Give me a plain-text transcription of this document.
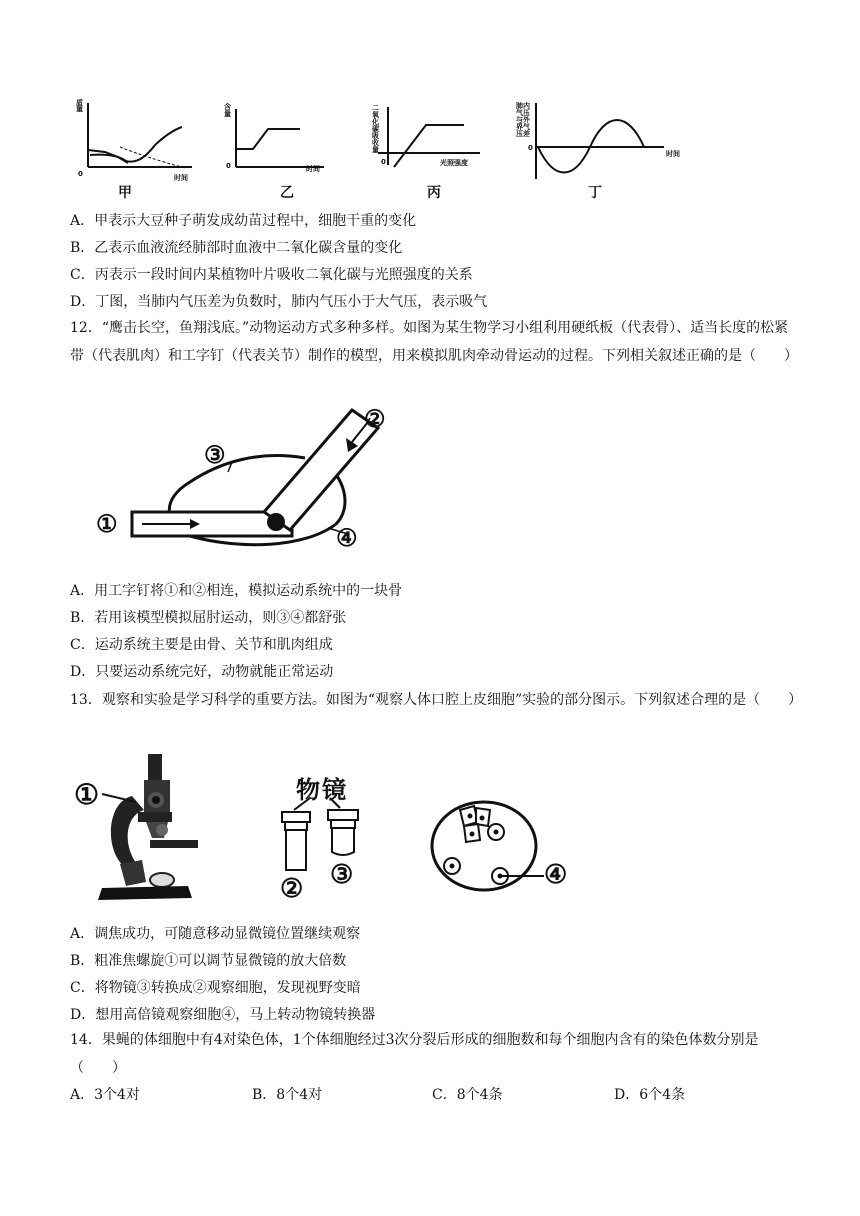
质量
0	时间
甲
含量
0	时间
乙
二氧化碳吸收量
0	光照强度
丙
肺内气压与外界气压差
0
时间
丁
A．甲表示大豆种子萌发成幼苗过程中，细胞干重的变化
B．乙表示血液流经肺部时血液中二氧化碳含量的变化
C．丙表示一段时间内某植物叶片吸收二氧化碳与光照强度的关系
D．丁图，当肺内气压差为负数时，肺内气压小于大气压，表示吸气
12．“鹰击长空，鱼翔浅底。”动物运动方式多种多样。如图为某生物学习小组利用硬纸板（代表骨）、适当长度的松紧带（代表肌肉）和工字钉（代表关节）制作的模型，用来模拟肌肉牵动骨运动的过程。下列相关叙述正确的是（　　）
①
②
③
④
A．用工字钉将①和②相连，模拟运动系统中的一块骨
B．若用该模型模拟屈肘运动，则③④都舒张
C．运动系统主要是由骨、关节和肌肉组成
D．只要运动系统完好，动物就能正常运动
13．观察和实验是学习科学的重要方法。如图为“观察人体口腔上皮细胞”实验的部分图示。下列叙述合理的是（　　）
①	物镜
② ③	④
A．调焦成功，可随意移动显微镜位置继续观察
B．粗准焦螺旋①可以调节显微镜的放大倍数
C．将物镜③转换成②观察细胞，发现视野变暗
D．想用高倍镜观察细胞④，马上转动物镜转换器
14．果蝇的体细胞中有4对染色体，1个体细胞经过3次分裂后形成的细胞数和每个细胞内含有的染色体数分别是（　　）
A．3个4对	B．8个4对	C．8个4条	D．6个4条
